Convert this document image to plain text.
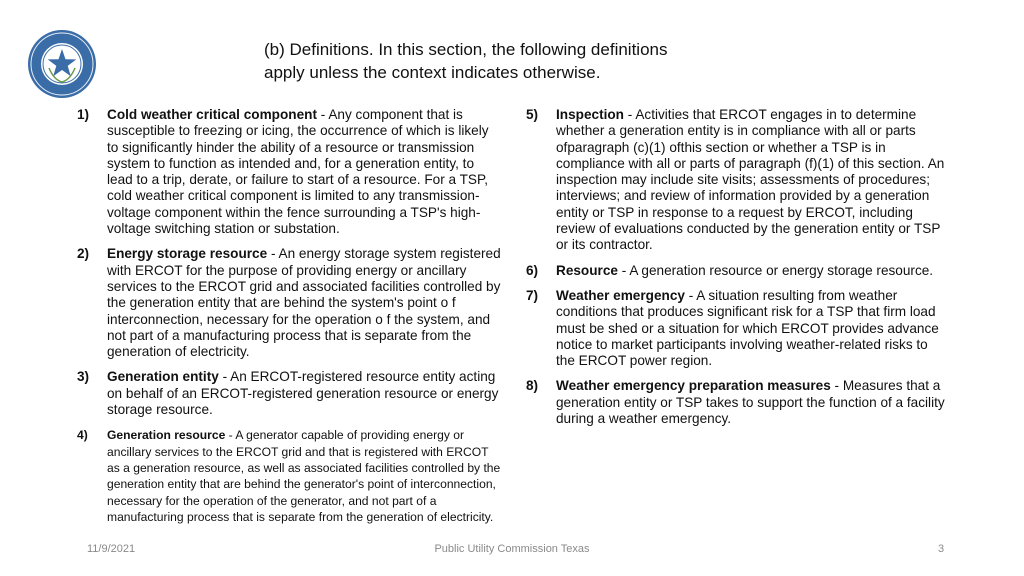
(b) Definitions. In this section, the following definitions
apply unless the context indicates otherwise.
1)	Cold weather critical component - Any component that is susceptible to freezing or icing, the occurrence of which is likely to significantly hinder the ability of a resource or transmission system to function as intended and, for a generation entity, to lead to a trip, derate, or failure to start of a resource. For a TSP, cold weather critical component is limited to any transmission-voltage component within the fence surrounding a TSP's high-voltage switching station or substation.
2)	Energy storage resource - An energy storage system registered with ERCOT for the purpose of providing energy or ancillary services to the ERCOT grid and associated facilities controlled by the generation entity that are behind the system's point o f interconnection, necessary for the operation o f the system, and not part of a manufacturing process that is separate from the generation of electricity.
3)	Generation entity - An ERCOT-registered resource entity acting on behalf of an ERCOT-registered generation resource or energy storage resource.
4)	Generation resource - A generator capable of providing energy or ancillary services to the ERCOT grid and that is registered with ERCOT as a generation resource, as well as associated facilities controlled by the generation entity that are behind the generator's point of interconnection, necessary for the operation of the generator, and not part of a manufacturing process that is separate from the generation of electricity.
5)	Inspection - Activities that ERCOT engages in to determine whether a generation entity is in compliance with all or parts ofparagraph (c)(1) ofthis section or whether a TSP is in compliance with all or parts of paragraph (f)(1) of this section. An inspection may include site visits; assessments of procedures; interviews; and review of information provided by a generation entity or TSP in response to a request by ERCOT, including review of evaluations conducted by the generation entity or TSP or its contractor.
6)	Resource - A generation resource or energy storage resource.
7)	Weather emergency - A situation resulting from weather conditions that produces significant risk for a TSP that firm load must be shed or a situation for which ERCOT provides advance notice to market participants involving weather-related risks to the ERCOT power region.
8)	Weather emergency preparation measures - Measures that a generation entity or TSP takes to support the function of a facility during a weather emergency.
11/9/2021	Public Utility Commission Texas	3
